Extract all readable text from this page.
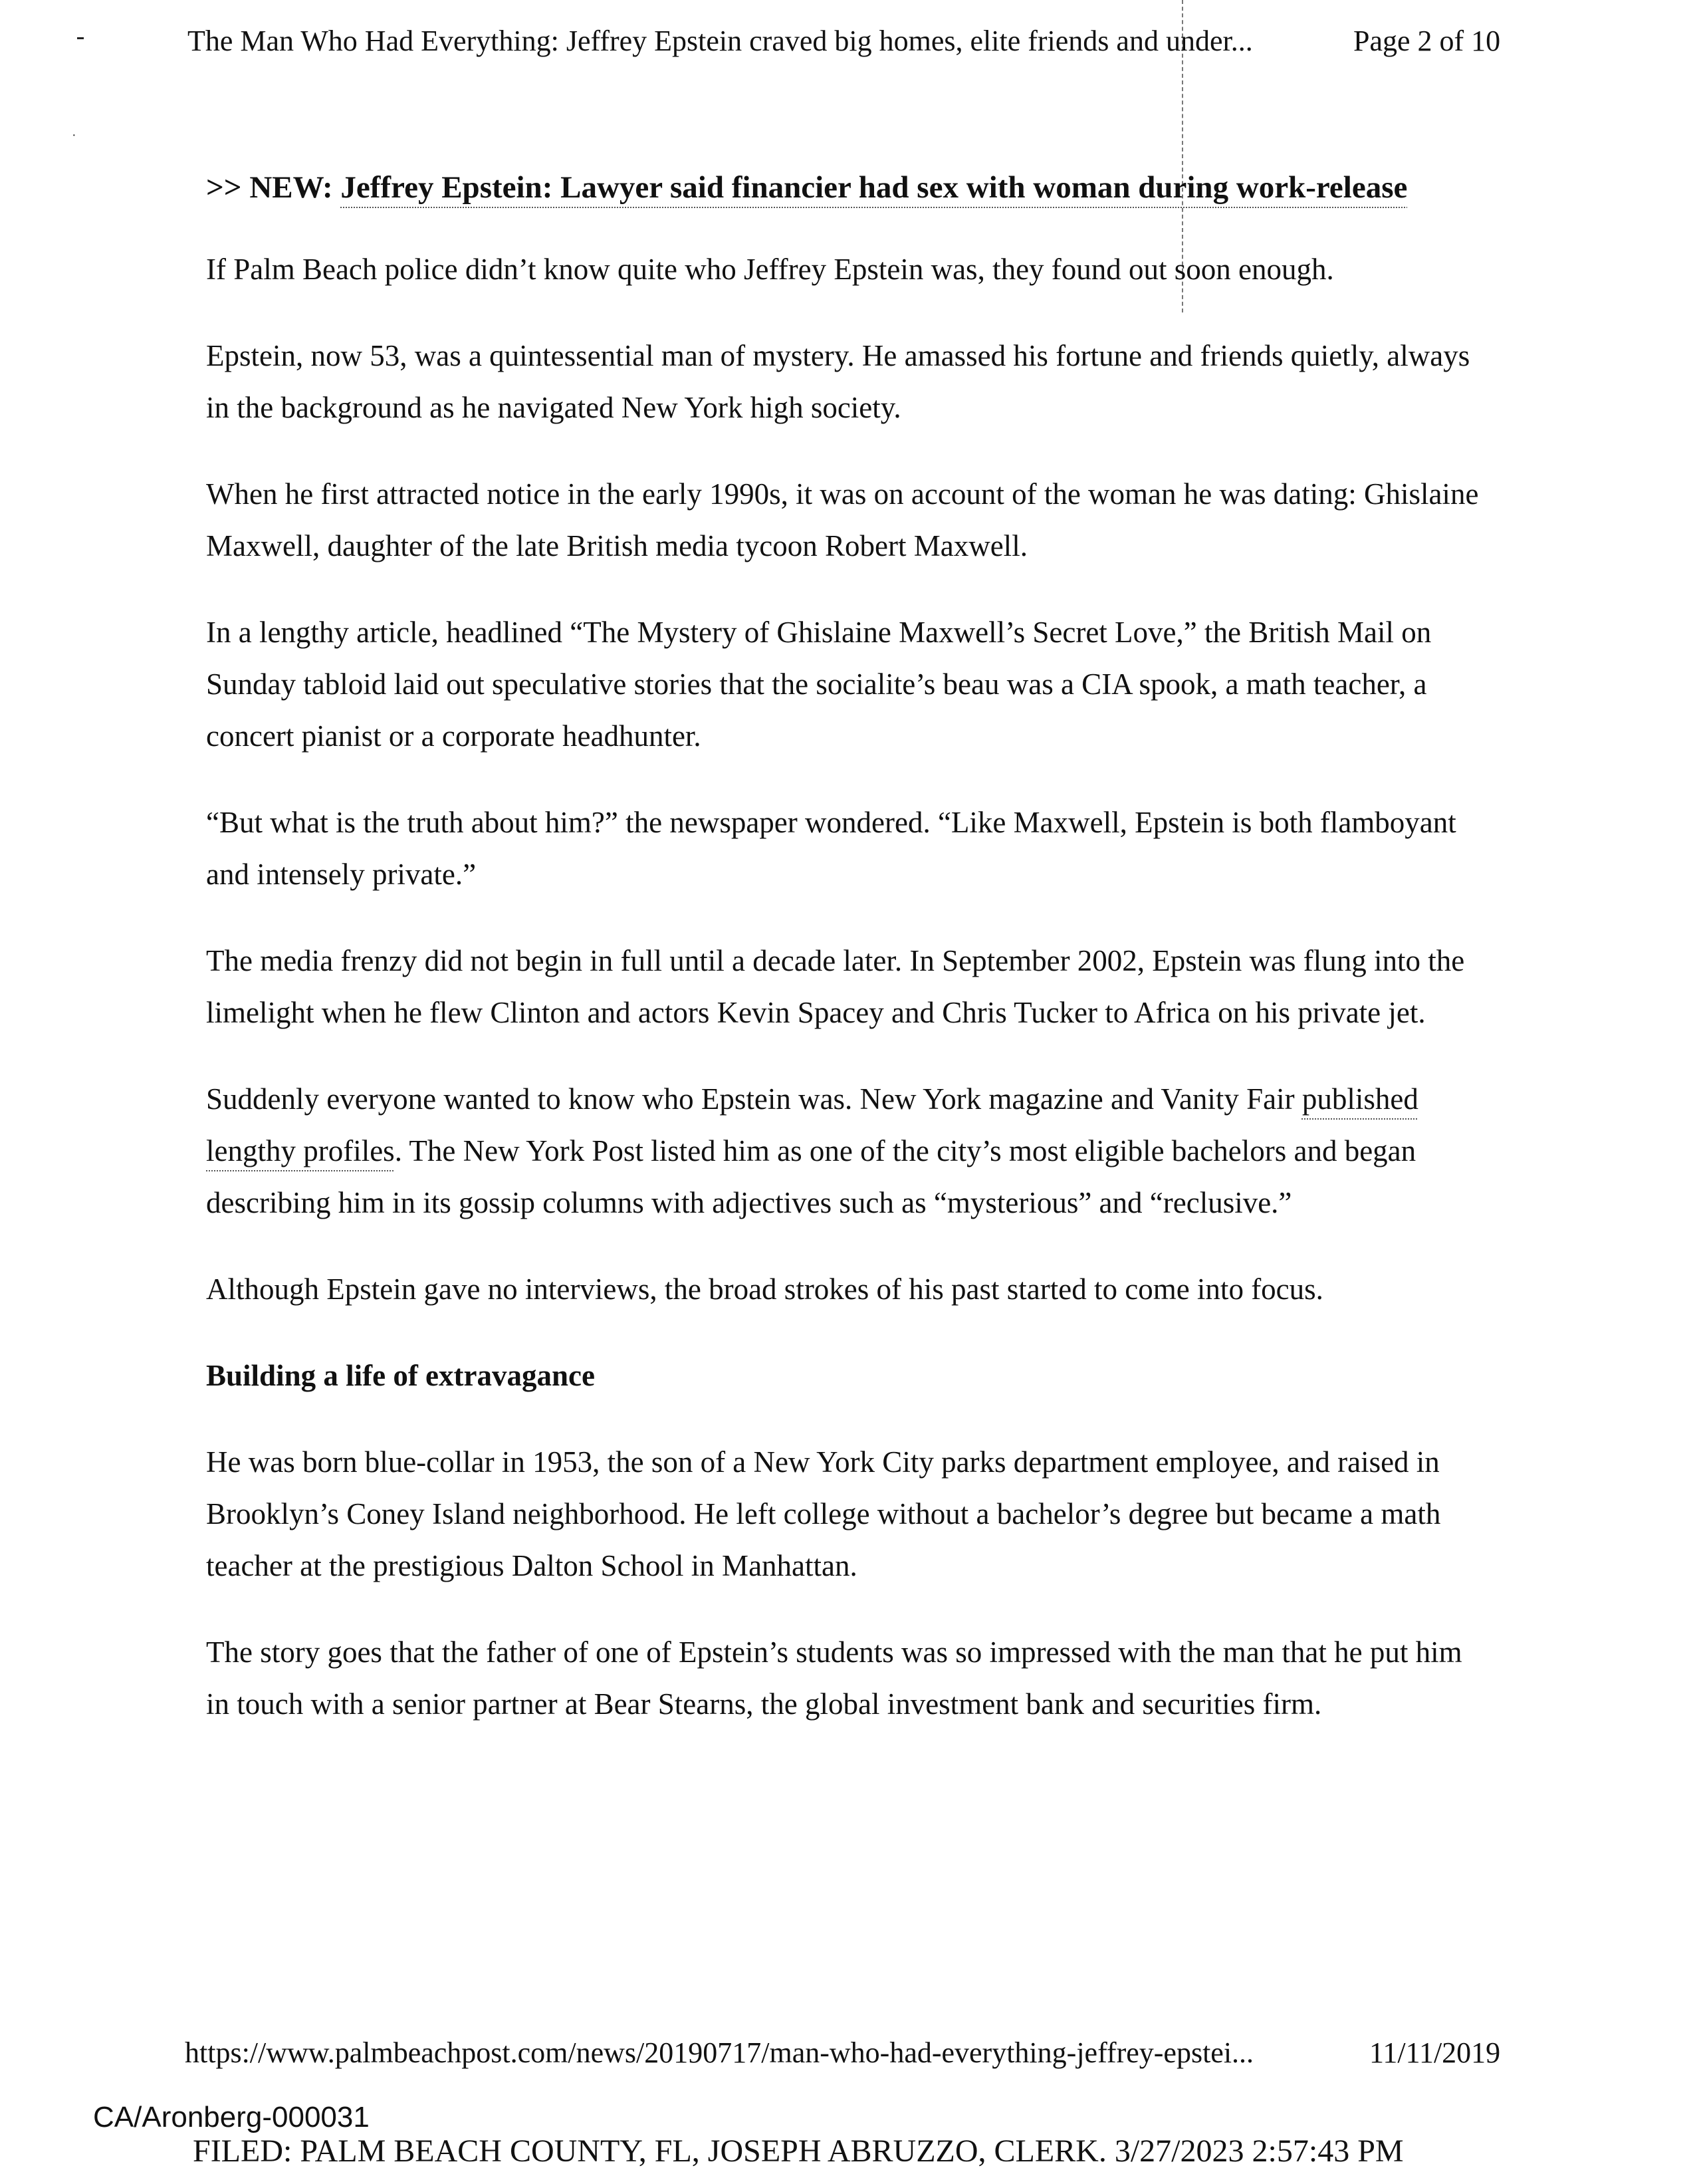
·
The Man Who Had Everything: Jeffrey Epstein craved big homes, elite friends and under...	Page 2 of 10

>> NEW: Jeffrey Epstein: Lawyer said financier had sex with woman during work-release

If Palm Beach police didn’t know quite who Jeffrey Epstein was, they found out soon enough.

Epstein, now 53, was a quintessential man of mystery. He amassed his fortune and friends quietly, always in the background as he navigated New York high society.

When he first attracted notice in the early 1990s, it was on account of the woman he was dating: Ghislaine Maxwell, daughter of the late British media tycoon Robert Maxwell.

In a lengthy article, headlined “The Mystery of Ghislaine Maxwell’s Secret Love,” the British Mail on Sunday tabloid laid out speculative stories that the socialite’s beau was a CIA spook, a math teacher, a concert pianist or a corporate headhunter.

“But what is the truth about him?” the newspaper wondered. “Like Maxwell, Epstein is both flamboyant and intensely private.”

The media frenzy did not begin in full until a decade later. In September 2002, Epstein was flung into the limelight when he flew Clinton and actors Kevin Spacey and Chris Tucker to Africa on his private jet.

Suddenly everyone wanted to know who Epstein was. New York magazine and Vanity Fair published lengthy profiles. The New York Post listed him as one of the city’s most eligible bachelors and began describing him in its gossip columns with adjectives such as “mysterious” and “reclusive.”

Although Epstein gave no interviews, the broad strokes of his past started to come into focus.

Building a life of extravagance

He was born blue-collar in 1953, the son of a New York City parks department employee, and raised in Brooklyn’s Coney Island neighborhood. He left college without a bachelor’s degree but became a math teacher at the prestigious Dalton School in Manhattan.

The story goes that the father of one of Epstein’s students was so impressed with the man that he put him in touch with a senior partner at Bear Stearns, the global investment bank and securities firm.

https://www.palmbeachpost.com/news/20190717/man-who-had-everything-jeffrey-epstei...	11/11/2019
CA/Aronberg-000031
FILED: PALM BEACH COUNTY, FL, JOSEPH ABRUZZO, CLERK. 3/27/2023 2:57:43 PM
